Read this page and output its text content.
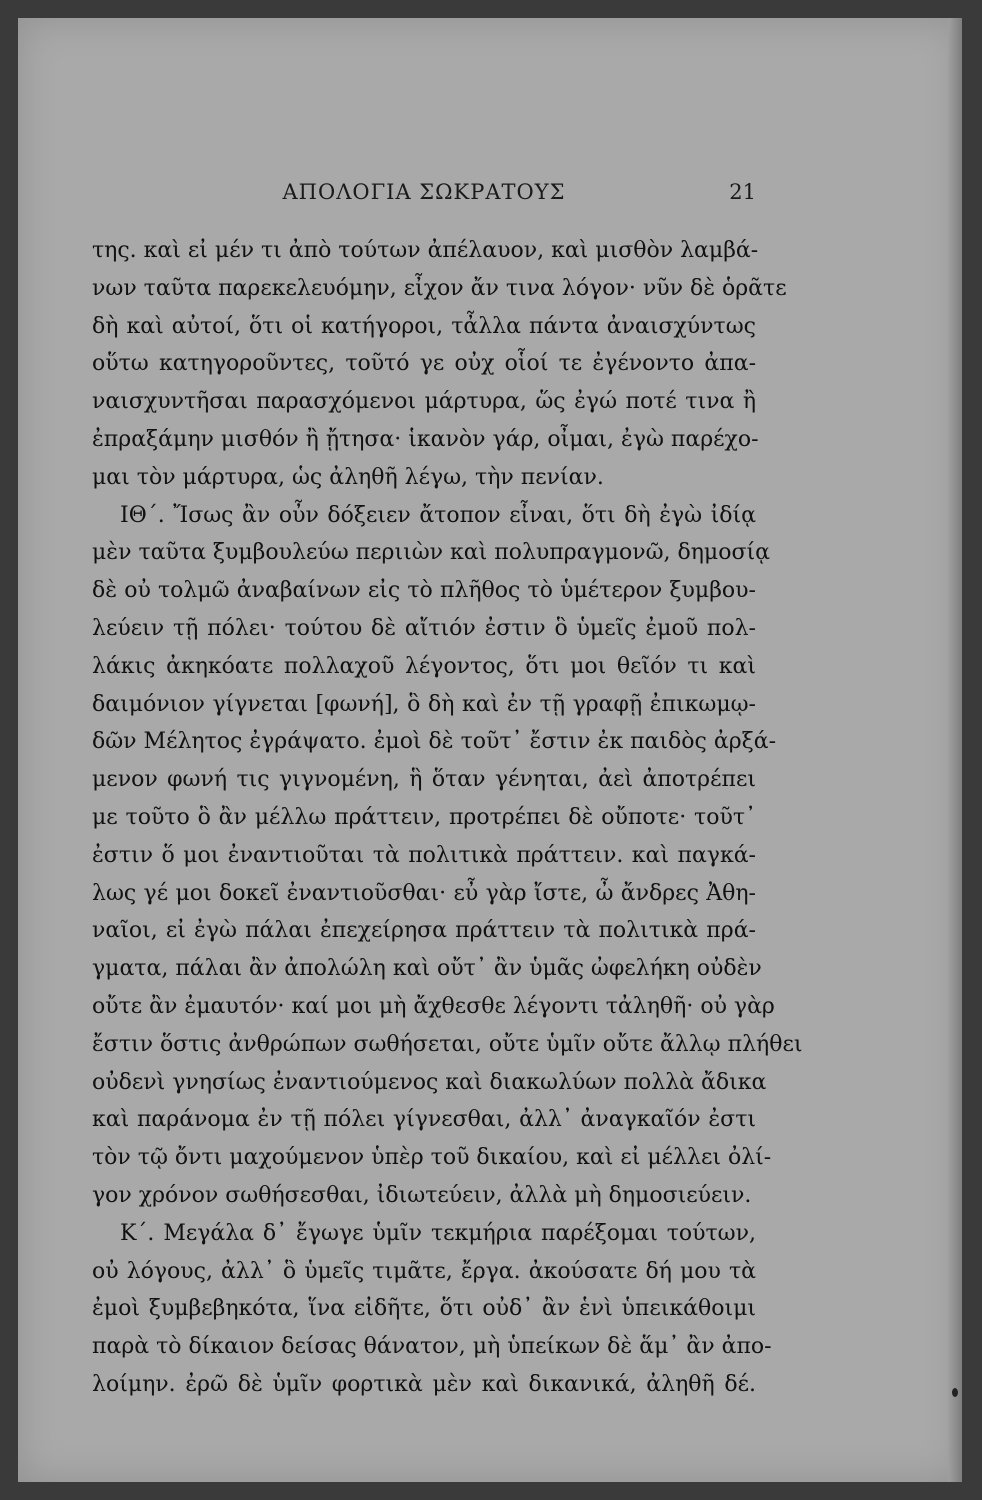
ΑΠΟΛΟΓΙΑ ΣΩΚΡΑΤΟΥΣ	21
της. καὶ εἰ μέν τι ἀπὸ τούτων ἀπέλαυον, καὶ μισθὸν λαμβά-
νων ταῦτα παρεκελευόμην, εἶχον ἄν τινα λόγον· νῦν δὲ ὁρᾶτε
δὴ καὶ αὐτοί, ὅτι οἱ κατήγοροι, τἆλλα πάντα ἀναισχύντως
οὕτω κατηγοροῦντες, τοῦτό γε οὐχ οἷοί τε ἐγένοντο ἀπα-
ναισχυντῆσαι παρασχόμενοι μάρτυρα, ὥς ἐγώ ποτέ τινα ἢ
ἐπραξάμην μισθόν ἢ ᾔτησα· ἱκανὸν γάρ, οἶμαι, ἐγὼ παρέχο-
μαι τὸν μάρτυρα, ὡς ἀληθῆ λέγω, τὴν πενίαν.
ΙΘ΄. Ἴσως ἂν οὖν δόξειεν ἄτοπον εἶναι, ὅτι δὴ ἐγὼ ἰδίᾳ
μὲν ταῦτα ξυμβουλεύω περιιὼν καὶ πολυπραγμονῶ, δημοσίᾳ
δὲ οὐ τολμῶ ἀναβαίνων εἰς τὸ πλῆθος τὸ ὑμέτερον ξυμβου-
λεύειν τῇ πόλει· τούτου δὲ αἴτιόν ἐστιν ὃ ὑμεῖς ἐμοῦ πολ-
λάκις ἀκηκόατε πολλαχοῦ λέγοντος, ὅτι μοι θεῖόν τι καὶ
δαιμόνιον γίγνεται [φωνή], ὃ δὴ καὶ ἐν τῇ γραφῇ ἐπικωμῳ-
δῶν Μέλητος ἐγράψατο. ἐμοὶ δὲ τοῦτ᾽ ἔστιν ἐκ παιδὸς ἀρξά-
μενον φωνή τις γιγνομένη, ἣ ὅταν γένηται, ἀεὶ ἀποτρέπει
με τοῦτο ὃ ἂν μέλλω πράττειν, προτρέπει δὲ οὔποτε· τοῦτ᾽
ἐστιν ὅ μοι ἐναντιοῦται τὰ πολιτικὰ πράττειν. καὶ παγκά-
λως γέ μοι δοκεῖ ἐναντιοῦσθαι· εὖ γὰρ ἴστε, ὦ ἄνδρες Ἀθη-
ναῖοι, εἰ ἐγὼ πάλαι ἐπεχείρησα πράττειν τὰ πολιτικὰ πρά-
γματα, πάλαι ἂν ἀπολώλη καὶ οὔτ᾽ ἂν ὑμᾶς ὠφελήκη οὐδὲν
οὔτε ἂν ἐμαυτόν· καί μοι μὴ ἄχθεσθε λέγοντι τἀληθῆ· οὐ γὰρ
ἔστιν ὅστις ἀνθρώπων σωθήσεται, οὔτε ὑμῖν οὔτε ἄλλῳ πλήθει
οὐδενὶ γνησίως ἐναντιούμενος καὶ διακωλύων πολλὰ ἄδικα
καὶ παράνομα ἐν τῇ πόλει γίγνεσθαι, ἀλλ᾽ ἀναγκαῖόν ἐστι
τὸν τῷ ὄντι μαχούμενον ὑπὲρ τοῦ δικαίου, καὶ εἰ μέλλει ὀλί-
γον χρόνον σωθήσεσθαι, ἰδιωτεύειν, ἀλλὰ μὴ δημοσιεύειν.
Κ΄. Μεγάλα δ᾽ ἔγωγε ὑμῖν τεκμήρια παρέξομαι τούτων,
οὐ λόγους, ἀλλ᾽ ὃ ὑμεῖς τιμᾶτε, ἔργα. ἀκούσατε δή μου τὰ
ἐμοὶ ξυμβεβηκότα, ἵνα εἰδῆτε, ὅτι οὐδ᾽ ἂν ἑνὶ ὑπεικάθοιμι
παρὰ τὸ δίκαιον δείσας θάνατον, μὴ ὑπείκων δὲ ἅμ᾽ ἂν ἀπο-
λοίμην. ἐρῶ δὲ ὑμῖν φορτικὰ μὲν καὶ δικανικά, ἀληθῆ δέ.
